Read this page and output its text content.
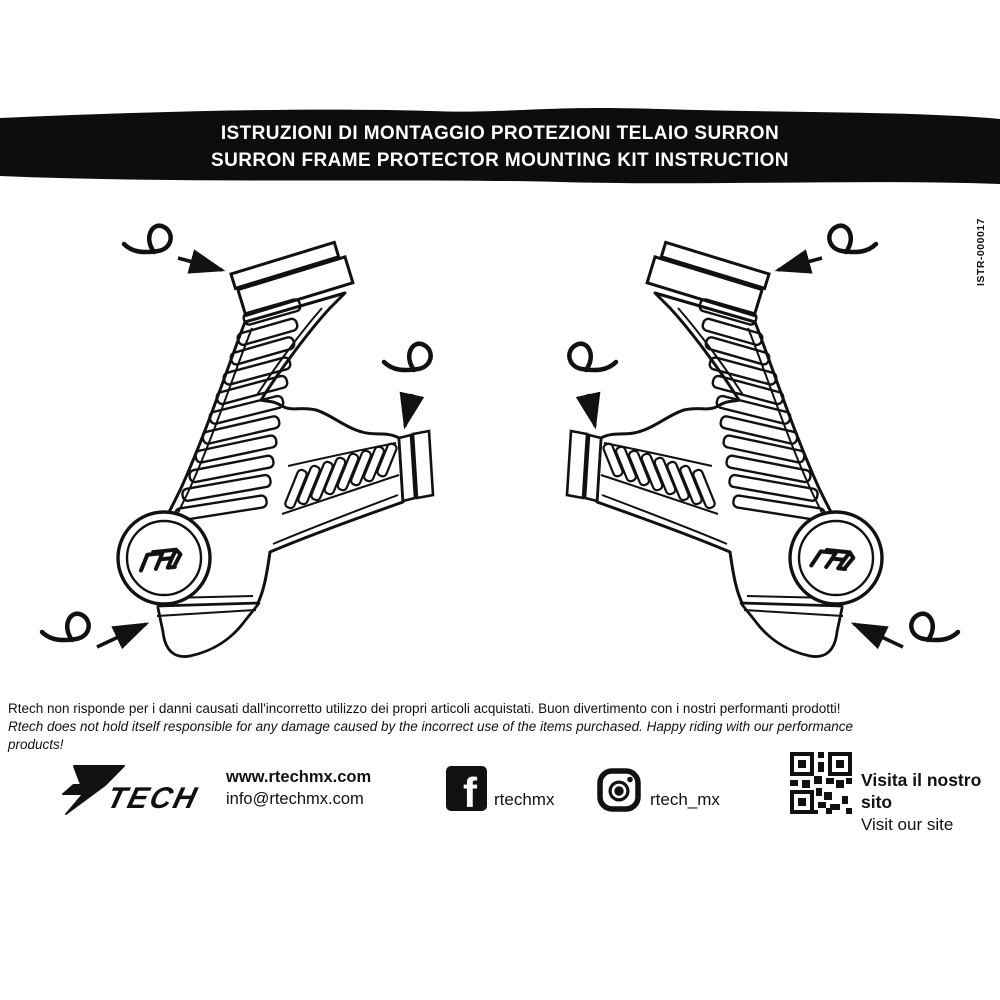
ISTRUZIONI DI MONTAGGIO PROTEZIONI TELAIO SURRON
SURRON FRAME PROTECTOR MOUNTING KIT INSTRUCTION
ISTR-000017
Rtech non risponde per i danni causati dall'incorretto utilizzo dei propri articoli acquistati. Buon divertimento con i nostri performanti prodotti!
Rtech does not hold itself responsible for any damage caused by the incorrect use of the items purchased. Happy riding with our performance products!
TECH
www.rtechmx.com
info@rtechmx.com f rtechmx	rtech_mx
Visita il nostro sito
Visit our site
